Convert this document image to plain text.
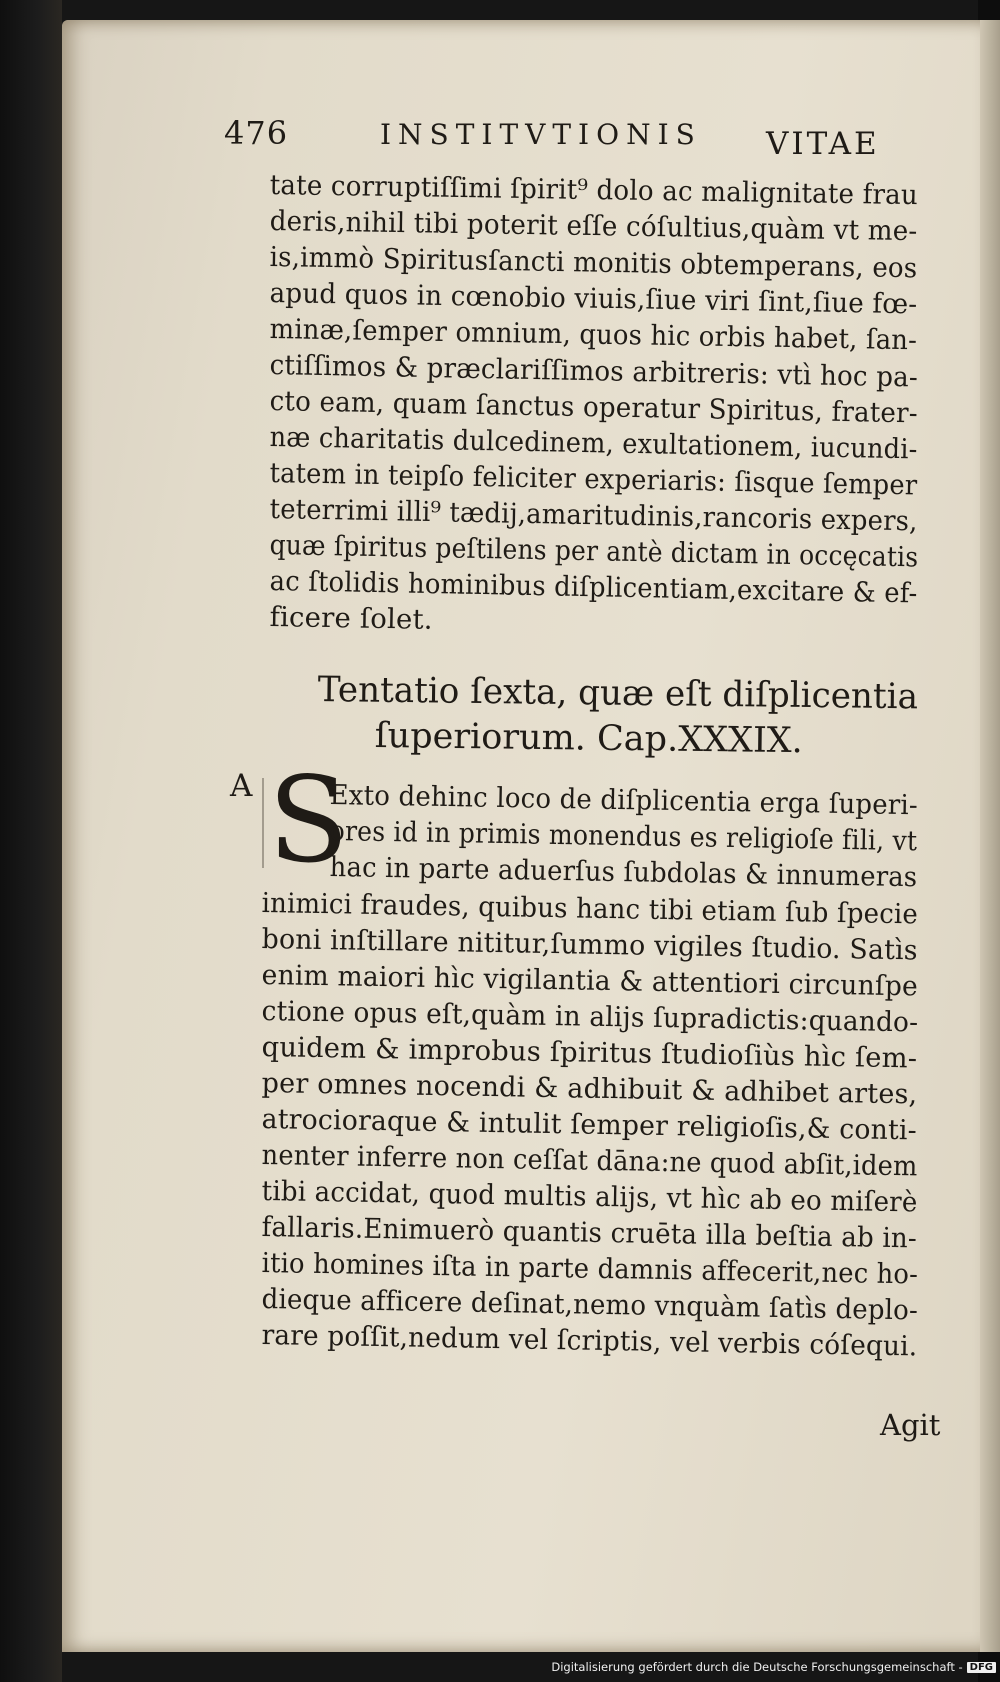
476	INSTITVTIONIS VITAE
tate corruptiſſimi ſpirit⁹ dolo ac malignitate frau
deris,nihil tibi poterit eſſe cóſultius,quàm vt me-
is,immò Spiritusſancti monitis obtemperans, eos
apud quos in cœnobio viuis,ſiue viri ſint,ſiue fœ-
minæ,ſemper omnium, quos hic orbis habet, ſan-
ctiſſimos & præclariſſimos arbitreris: vtì hoc pa-
cto eam, quam ſanctus operatur Spiritus, frater-
næ charitatis dulcedinem, exultationem, iucundi-
tatem in teipſo feliciter experiaris: ſisque ſemper
teterrimi illi⁹ tædij,amaritudinis,rancoris expers,
quæ ſpiritus peſtilens per antè dictam in occęcatis
ac ſtolidis hominibus diſplicentiam,excitare & ef-
ficere ſolet.
Tentatio ſexta, quæ eſt diſplicentia
ſuperiorum. Cap.XXXIX.
A S
Exto dehinc loco de diſplicentia erga ſuperi-
ores id in primis monendus es religioſe fili, vt
hac in parte aduerſus ſubdolas & innumeras
inimici fraudes, quibus hanc tibi etiam ſub ſpecie
boni inſtillare nititur,ſummo vigiles ſtudio. Satìs
enim maiori hìc vigilantia & attentiori circunſpe
ctione opus eſt,quàm in alijs ſupradictis:quando-
quidem & improbus ſpiritus ſtudioſiùs hìc ſem-
per omnes nocendi & adhibuit & adhibet artes,
atrocioraque & intulit ſemper religioſis,& conti-
nenter inferre non ceſſat dāna:ne quod abſit,idem
tibi accidat, quod multis alijs, vt hìc ab eo miſerè
fallaris.Enimuerò quantis cruēta illa beſtia ab in-
itio homines iſta in parte damnis affecerit,nec ho-
dieque afficere deſinat,nemo vnquàm ſatìs deplo-
rare poſſit,nedum vel ſcriptis, vel verbis cóſequi.
Agit
Digitalisierung gefördert durch die Deutsche Forschungsgemeinschaft - DFG
